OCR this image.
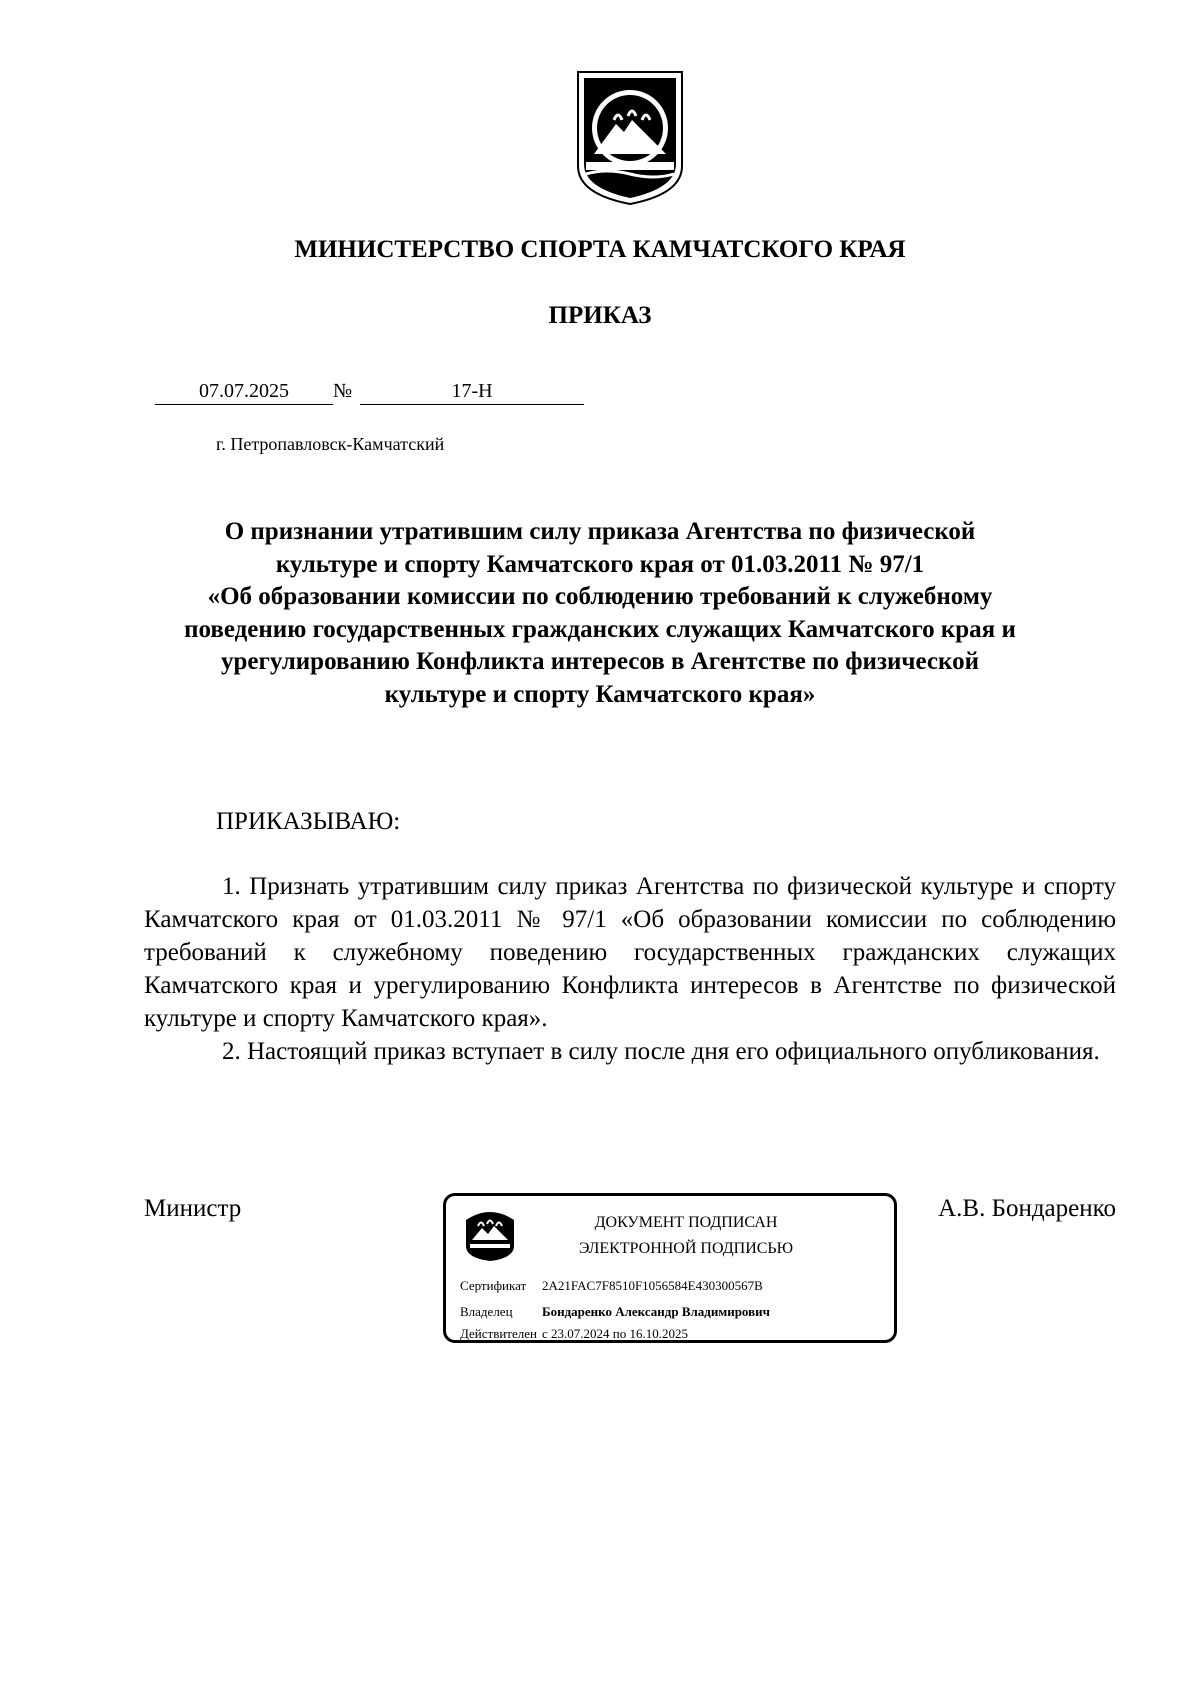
МИНИСТЕРСТВО СПОРТА КАМЧАТСКОГО КРАЯ
ПРИКАЗ
07.07.2025	№	17-Н
г. Петропавловск-Камчатский
О признании утратившим силу приказа Агентства по физической
культуре и спорту Камчатского края от 01.03.2011 № 97/1
«Об образовании комиссии по соблюдению требований к служебному
поведению государственных гражданских служащих Камчатского края и
урегулированию Конфликта интересов в Агентстве по физической
культуре и спорту Камчатского края»
ПРИКАЗЫВАЮ:

1. Признать утратившим силу приказ Агентства по физической культуре и спорту Камчатского края от 01.03.2011 № 97/1 «Об образовании комиссии по соблюдению требований к служебному поведению государственных гражданских служащих Камчатского края и урегулированию Конфликта интересов в Агентстве по физической культуре и спорту Камчатского края».

2. Настоящий приказ вступает в силу после дня его официального опубликования.

Министр	А.В. Бондаренко
ДОКУМЕНТ ПОДПИСАН
ЭЛЕКТРОННОЙ ПОДПИСЬЮ
Сертификат 2A21FAC7F8510F1056584E430300567B
Владелец Бондаренко Александр Владимирович
Действителен с 23.07.2024 по 16.10.2025
